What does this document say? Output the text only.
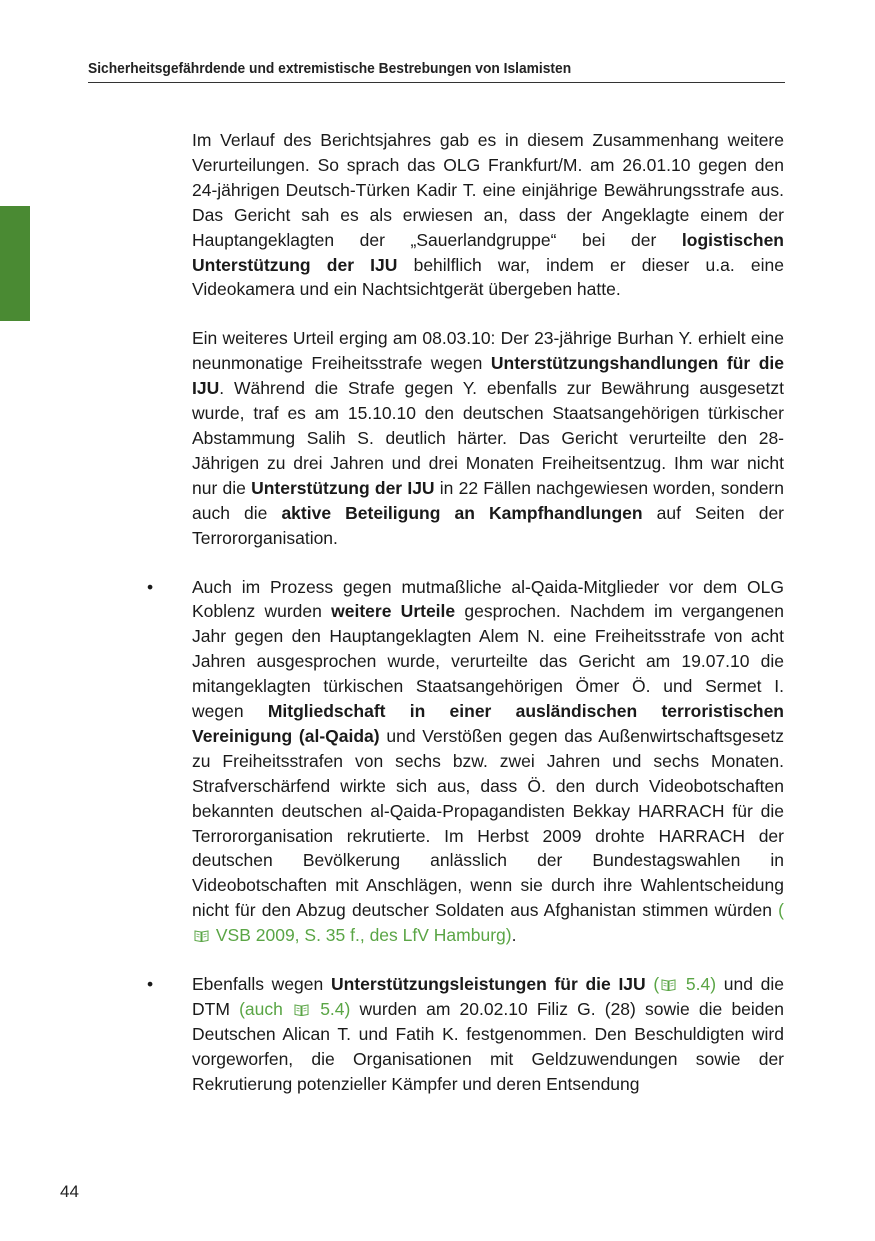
Sicherheitsgefährdende und extremistische Bestrebungen von Islamisten

Im Verlauf des Berichtsjahres gab es in diesem Zusammenhang weitere Verurteilungen. So sprach das OLG Frankfurt/M. am 26.01.10 gegen den 24-jährigen Deutsch-Türken Kadir T. eine einjährige Bewährungsstrafe aus. Das Gericht sah es als erwiesen an, dass der Angeklagte einem der Hauptangeklagten der „Sauerlandgruppe“ bei der logistischen Unterstützung der IJU behilflich war, indem er dieser u.a. eine Videokamera und ein Nachtsichtgerät übergeben hatte.

Ein weiteres Urteil erging am 08.03.10: Der 23-jährige Burhan Y. erhielt eine neunmonatige Freiheitsstrafe wegen Unterstützungshandlungen für die IJU. Während die Strafe gegen Y. ebenfalls zur Bewährung ausgesetzt wurde, traf es am 15.10.10 den deutschen Staatsangehörigen türkischer Abstammung Salih S. deutlich härter. Das Gericht verurteilte den 28-Jährigen zu drei Jahren und drei Monaten Freiheitsentzug. Ihm war nicht nur die Unterstützung der IJU in 22 Fällen nachgewiesen worden, sondern auch die aktive Beteiligung an Kampfhandlungen auf Seiten der Terrororganisation.

• Auch im Prozess gegen mutmaßliche al-Qaida-Mitglieder vor dem OLG Koblenz wurden weitere Urteile gesprochen. Nachdem im vergangenen Jahr gegen den Hauptangeklagten Alem N. eine Freiheitsstrafe von acht Jahren ausgesprochen wurde, verurteilte das Gericht am 19.07.10 die mitangeklagten türkischen Staatsangehörigen Ömer Ö. und Sermet I. wegen Mitgliedschaft in einer ausländischen terroristischen Vereinigung (al-Qaida) und Verstößen gegen das Außenwirtschaftsgesetz zu Freiheitsstrafen von sechs bzw. zwei Jahren und sechs Monaten. Strafverschärfend wirkte sich aus, dass Ö. den durch Videobotschaften bekannten deutschen al-Qaida-Propagandisten Bekkay HARRACH für die Terrororganisation rekrutierte. Im Herbst 2009 drohte HARRACH der deutschen Bevölkerung anlässlich der Bundestagswahlen in Videobotschaften mit Anschlägen, wenn sie durch ihre Wahlentscheidung nicht für den Abzug deutscher Soldaten aus Afghanistan stimmen würden ( VSB 2009, S. 35 f., des LfV Hamburg).

• Ebenfalls wegen Unterstützungsleistungen für die IJU ( 5.4) und die DTM (auch  5.4) wurden am 20.02.10 Filiz G. (28) sowie die beiden Deutschen Alican T. und Fatih K. festgenommen. Den Beschuldigten wird vorgeworfen, die Organisationen mit Geldzuwendungen sowie der Rekrutierung potenzieller Kämpfer und deren Entsendung

44
